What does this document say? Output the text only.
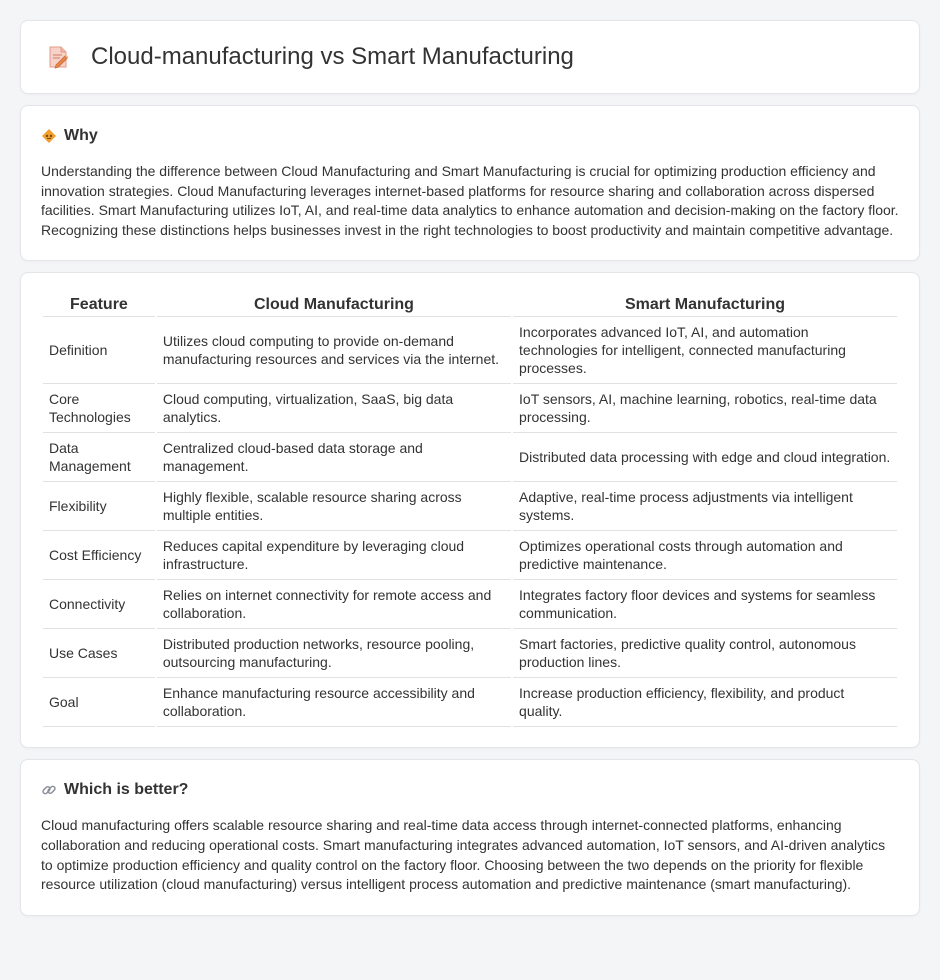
Cloud-manufacturing vs Smart Manufacturing
Why

Understanding the difference between Cloud Manufacturing and Smart Manufacturing is crucial for optimizing production efficiency and innovation strategies. Cloud Manufacturing leverages internet-based platforms for resource sharing and collaboration across dispersed facilities. Smart Manufacturing utilizes IoT, AI, and real-time data analytics to enhance automation and decision-making on the factory floor. Recognizing these distinctions helps businesses invest in the right technologies to boost productivity and maintain competitive advantage.

Feature	Cloud Manufacturing	Smart Manufacturing
Definition	Utilizes cloud computing to provide on-demand manufacturing resources and services via the internet.	Incorporates advanced IoT, AI, and automation technologies for intelligent, connected manufacturing processes.
Core Technologies	Cloud computing, virtualization, SaaS, big data analytics.	IoT sensors, AI, machine learning, robotics, real-time data processing.
Data Management	Centralized cloud-based data storage and management.	Distributed data processing with edge and cloud integration.
Flexibility	Highly flexible, scalable resource sharing across multiple entities.	Adaptive, real-time process adjustments via intelligent systems.
Cost Efficiency	Reduces capital expenditure by leveraging cloud infrastructure.	Optimizes operational costs through automation and predictive maintenance.
Connectivity	Relies on internet connectivity for remote access and collaboration.	Integrates factory floor devices and systems for seamless communication.
Use Cases	Distributed production networks, resource pooling, outsourcing manufacturing.	Smart factories, predictive quality control, autonomous production lines.
Goal	Enhance manufacturing resource accessibility and collaboration.	Increase production efficiency, flexibility, and product quality.
Which is better?

Cloud manufacturing offers scalable resource sharing and real-time data access through internet-connected platforms, enhancing collaboration and reducing operational costs. Smart manufacturing integrates advanced automation, IoT sensors, and AI-driven analytics to optimize production efficiency and quality control on the factory floor. Choosing between the two depends on the priority for flexible resource utilization (cloud manufacturing) versus intelligent process automation and predictive maintenance (smart manufacturing).
